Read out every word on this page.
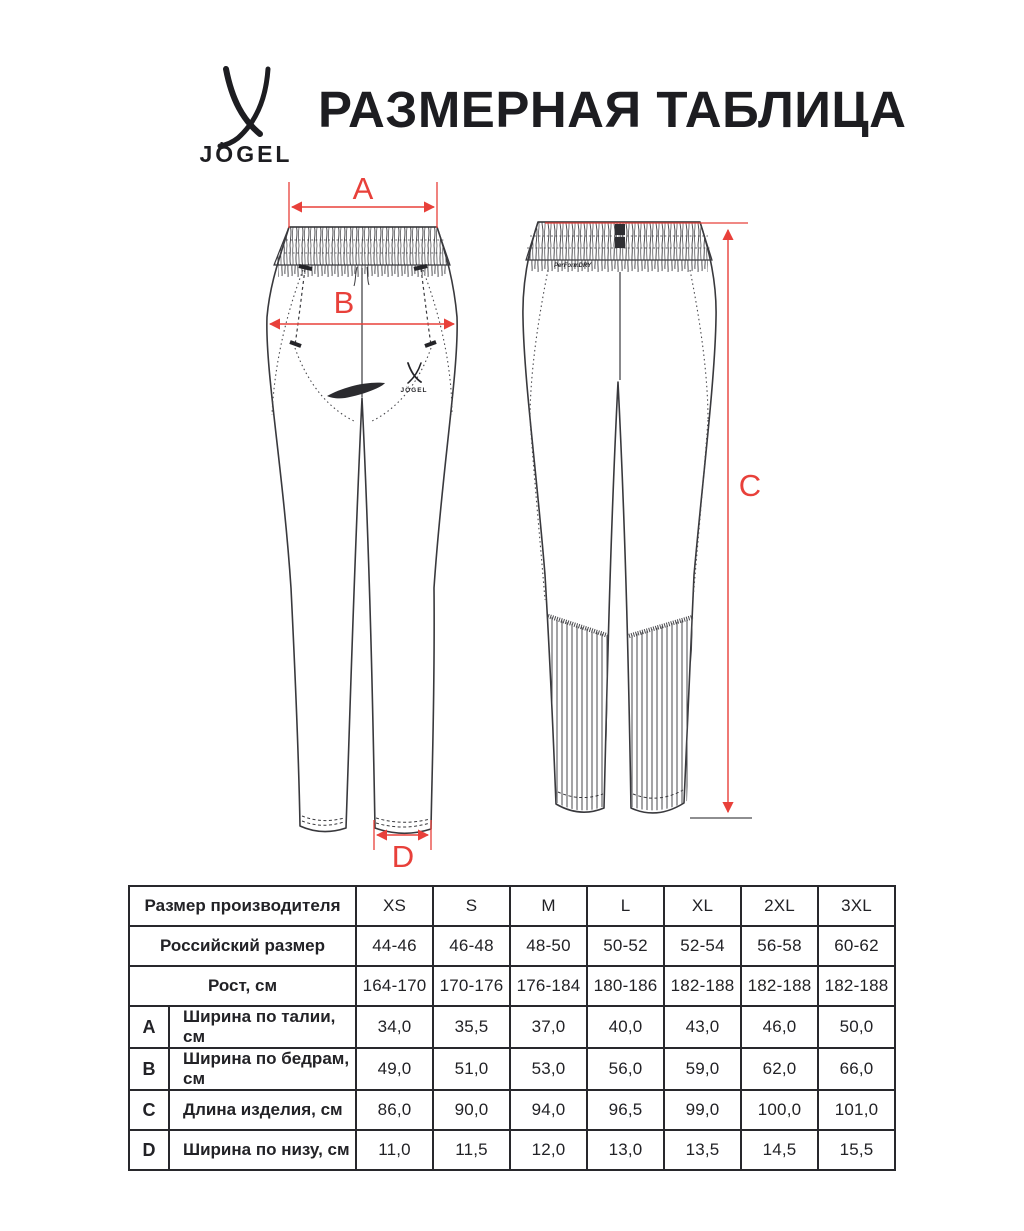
JÖGEL
РАЗМЕРНАЯ ТАБЛИЦА
JÖGEL
PerFormDRY
A
B
C
D
Размер производителя		XS	S	M	L	XL	2XL	3XL
Российский размер		44-46	46-48	48-50	50-52	52-54	56-58	60-62
Рост, см		164-170	170-176	176-184	180-186	182-188	182-188	182-188
A	Ширина по талии, см	34,0	35,5	37,0	40,0	43,0	46,0	50,0
B	Ширина по бедрам, см	49,0	51,0	53,0	56,0	59,0	62,0	66,0
C	Длина изделия, см	86,0	90,0	94,0	96,5	99,0	100,0	101,0
D	Ширина по низу, см	11,0	11,5	12,0	13,0	13,5	14,5	15,5
